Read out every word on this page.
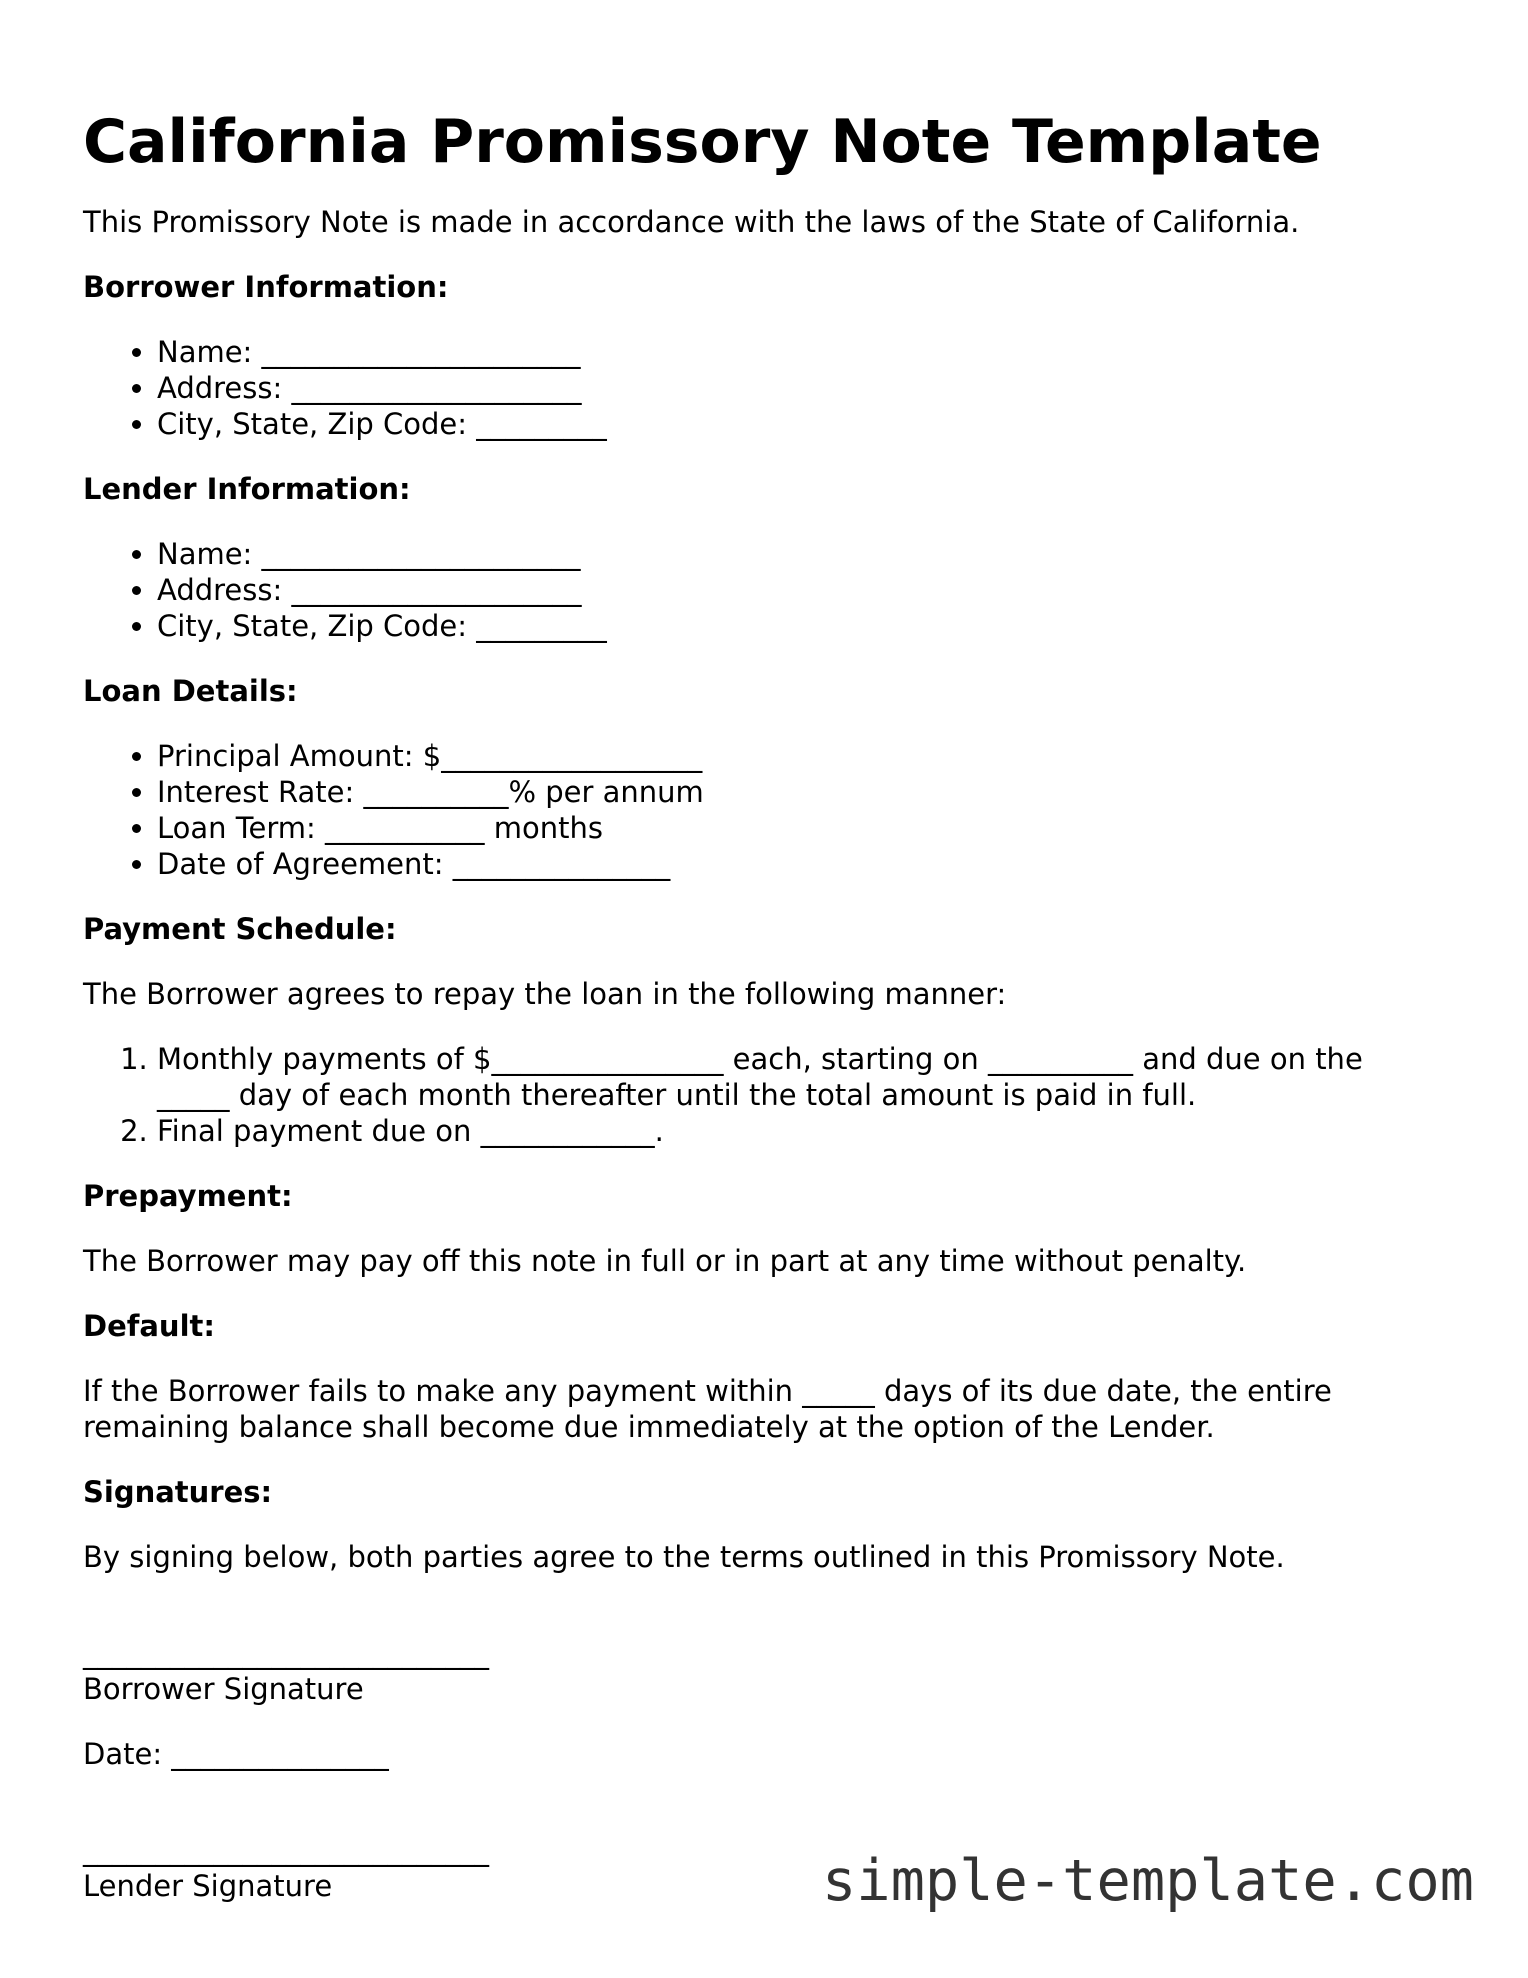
California Promissory Note Template

This Promissory Note is made in accordance with the laws of the State of California.

Borrower Information:

• Name: ______________________
• Address: ____________________
• City, State, Zip Code: _________

Lender Information:

• Name: ______________________
• Address: ____________________
• City, State, Zip Code: _________

Loan Details:

• Principal Amount: $__________________
• Interest Rate: __________% per annum
• Loan Term: ___________ months
• Date of Agreement: _______________

Payment Schedule:

The Borrower agrees to repay the loan in the following manner:

1. Monthly payments of $________________ each, starting on __________ and due on the _____ day of each month thereafter until the total amount is paid in full.
2. Final payment due on ____________.

Prepayment:

The Borrower may pay off this note in full or in part at any time without penalty.

Default:

If the Borrower fails to make any payment within _____ days of its due date, the entire remaining balance shall become due immediately at the option of the Lender.

Signatures:

By signing below, both parties agree to the terms outlined in this Promissory Note.

____________________________

Borrower Signature

Date: _______________

____________________________

Lender Signature	simple-template.com
